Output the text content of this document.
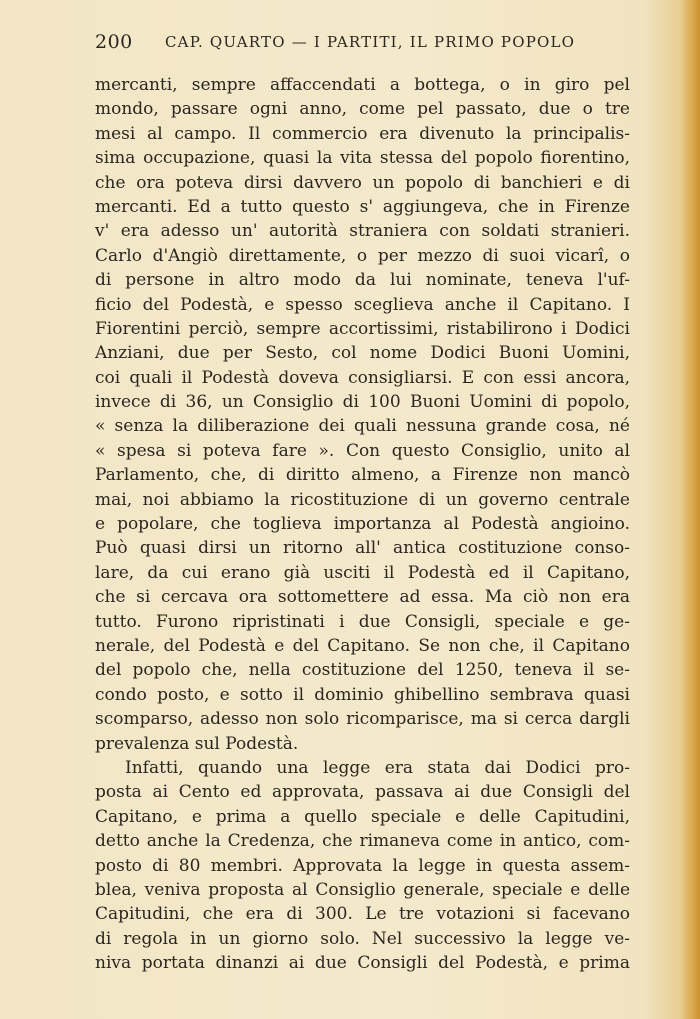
200 CAP. QUARTO — I PARTITI, IL PRIMO POPOLO
mercanti, sempre affaccendati a bottega, o in giro pel
mondo, passare ogni anno, come pel passato, due o tre
mesi al campo. Il commercio era divenuto la principalis-
sima occupazione, quasi la vita stessa del popolo fiorentino,
che ora poteva dirsi davvero un popolo di banchieri e di
mercanti. Ed a tutto questo s' aggiungeva, che in Firenze
v' era adesso un' autorità straniera con soldati stranieri.
Carlo d'Angiò direttamente, o per mezzo di suoi vicarî, o
di persone in altro modo da lui nominate, teneva l'uf-
ficio del Podestà, e spesso sceglieva anche il Capitano. I
Fiorentini perciò, sempre accortissimi, ristabilirono i Dodici
Anziani, due per Sesto, col nome Dodici Buoni Uomini,
coi quali il Podestà doveva consigliarsi. E con essi ancora,
invece di 36, un Consiglio di 100 Buoni Uomini di popolo,
« senza la diliberazione dei quali nessuna grande cosa, né
« spesa si poteva fare ». Con questo Consiglio, unito al
Parlamento, che, di diritto almeno, a Firenze non mancò
mai, noi abbiamo la ricostituzione di un governo centrale
e popolare, che toglieva importanza al Podestà angioino.
Può quasi dirsi un ritorno all' antica costituzione conso-
lare, da cui erano già usciti il Podestà ed il Capitano,
che si cercava ora sottomettere ad essa. Ma ciò non era
tutto. Furono ripristinati i due Consigli, speciale e ge-
nerale, del Podestà e del Capitano. Se non che, il Capitano
del popolo che, nella costituzione del 1250, teneva il se-
condo posto, e sotto il dominio ghibellino sembrava quasi
scomparso, adesso non solo ricomparisce, ma si cerca dargli
prevalenza sul Podestà.
Infatti, quando una legge era stata dai Dodici pro-
posta ai Cento ed approvata, passava ai due Consigli del
Capitano, e prima a quello speciale e delle Capitudini,
detto anche la Credenza, che rimaneva come in antico, com-
posto di 80 membri. Approvata la legge in questa assem-
blea, veniva proposta al Consiglio generale, speciale e delle
Capitudini, che era di 300. Le tre votazioni si facevano
di regola in un giorno solo. Nel successivo la legge ve-
niva portata dinanzi ai due Consigli del Podestà, e prima
